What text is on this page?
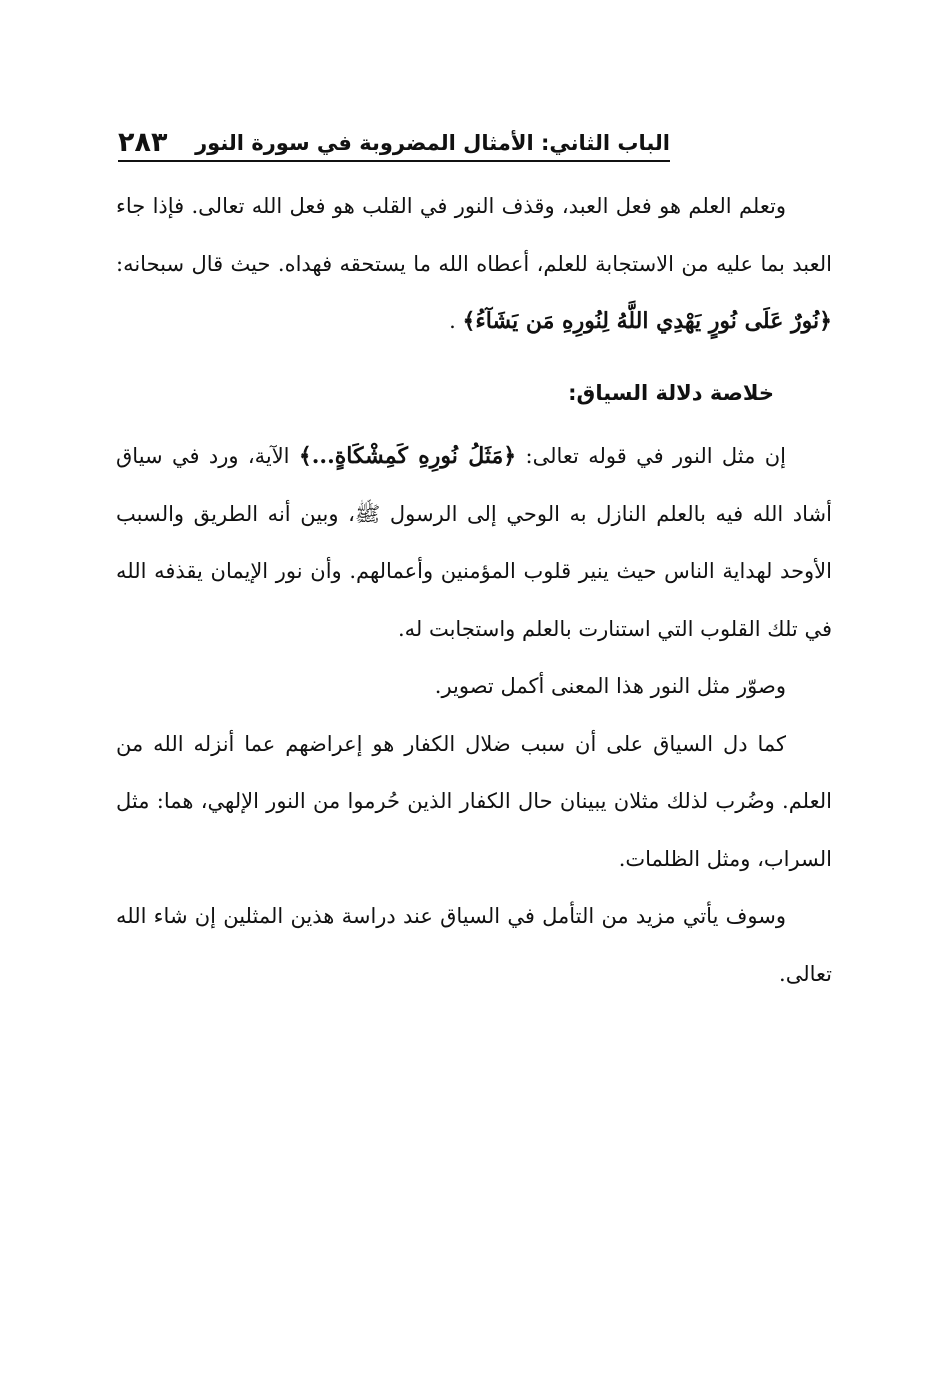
الباب الثاني: الأمثال المضروبة في سورة النور
٢٨٣

وتعلم العلم هو فعل العبد، وقذف النور في القلب هو فعل الله تعالى. فإذا جاء العبد بما عليه من الاستجابة للعلم، أعطاه الله ما يستحقه فهداه. حيث قال سبحانه: ﴿نُورٌ عَلَى نُورٍ يَهْدِي اللَّهُ لِنُورِهِ مَن يَشَآءُ﴾ .

خلاصة دلالة السياق:

إن مثل النور في قوله تعالى: ﴿مَثَلُ نُورِهِ كَمِشْكَاةٍ...﴾ الآية، ورد في سياق أشاد الله فيه بالعلم النازل به الوحي إلى الرسول ﷺ، وبين أنه الطريق والسبب الأوحد لهداية الناس حيث ينير قلوب المؤمنين وأعمالهم. وأن نور الإيمان يقذفه الله في تلك القلوب التي استنارت بالعلم واستجابت له.

وصوّر مثل النور هذا المعنى أكمل تصوير.

كما دل السياق على أن سبب ضلال الكفار هو إعراضهم عما أنزله الله من العلم. وضُرب لذلك مثلان يبينان حال الكفار الذين حُرموا من النور الإلهي، هما: مثل السراب، ومثل الظلمات.

وسوف يأتي مزيد من التأمل في السياق عند دراسة هذين المثلين إن شاء الله تعالى.
